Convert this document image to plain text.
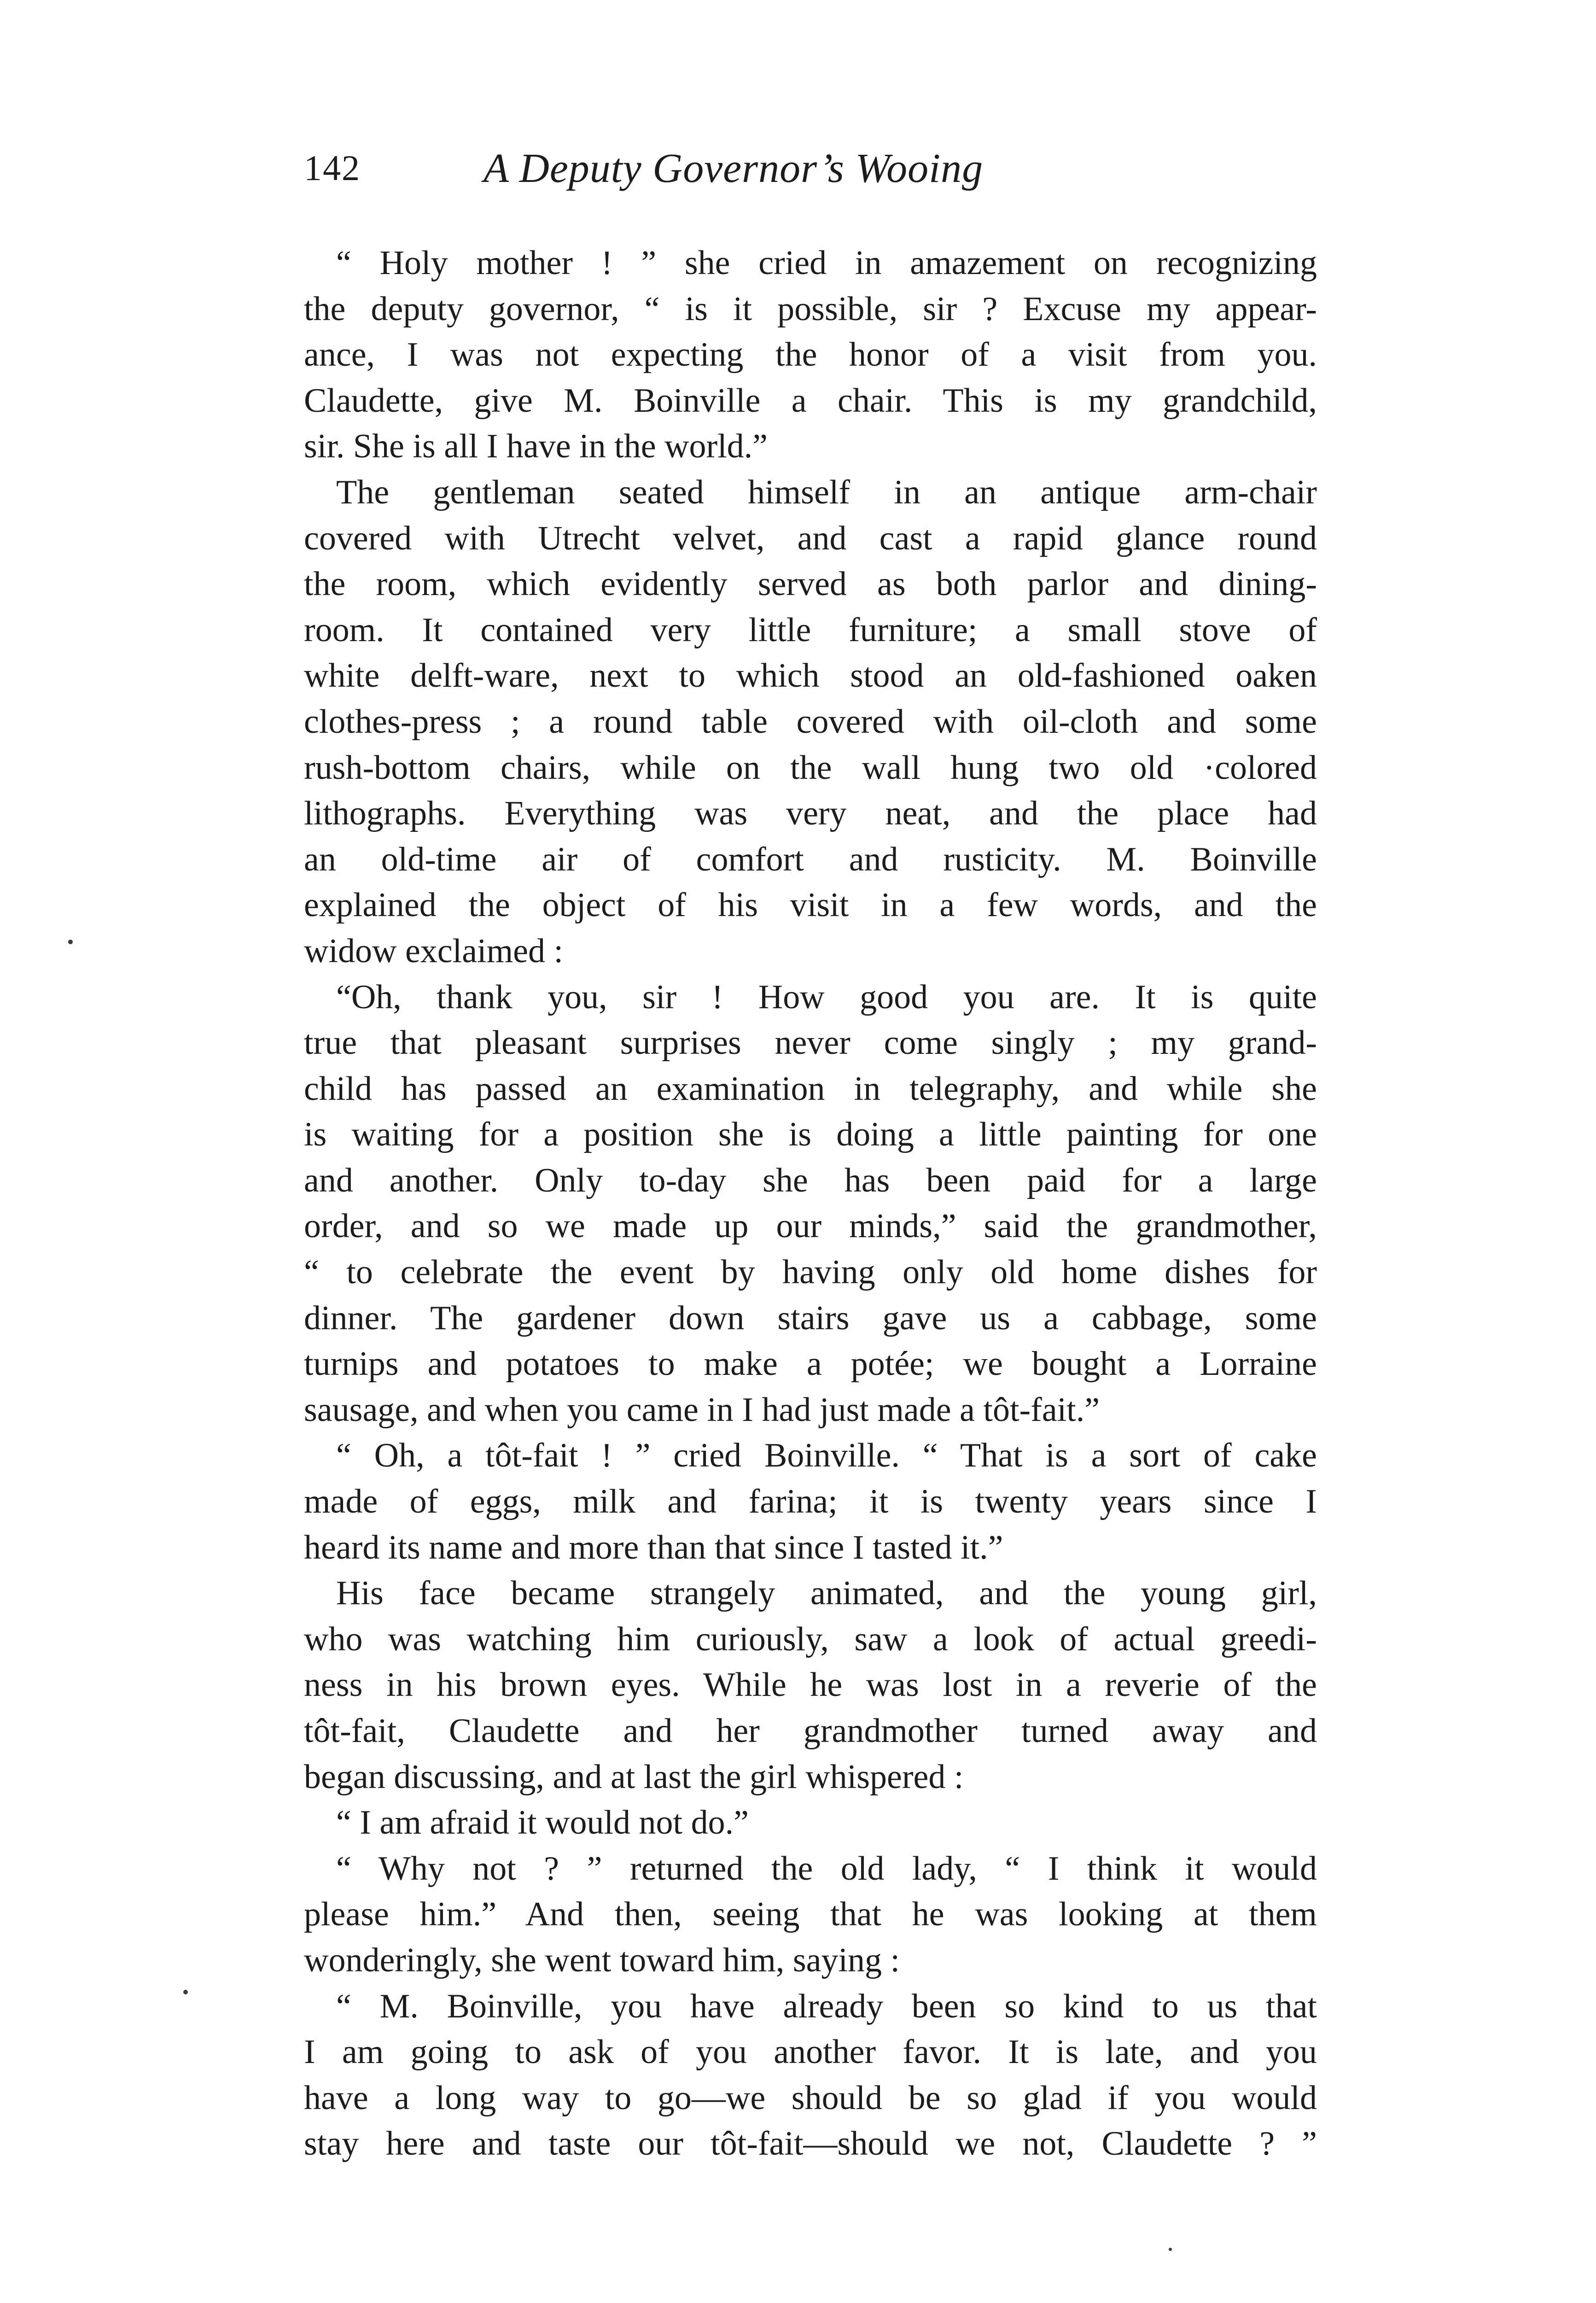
142	A Deputy Governor’s Wooing
“ Holy mother ! ” she cried in amazement on recognizing
the deputy governor, “ is it possible, sir ? Excuse my appear-
ance, I was not expecting the honor of a visit from you.
Claudette, give M. Boinville a chair. This is my grandchild,
sir. She is all I have in the world.”
The gentleman seated himself in an antique arm-chair
covered with Utrecht velvet, and cast a rapid glance round
the room, which evidently served as both parlor and dining-
room. It contained very little furniture; a small stove of
white delft-ware, next to which stood an old-fashioned oaken
clothes-press ; a round table covered with oil-cloth and some
rush-bottom chairs, while on the wall hung two old ·colored
lithographs. Everything was very neat, and the place had
an old-time air of comfort and rusticity. M. Boinville
explained the object of his visit in a few words, and the
widow exclaimed :
“Oh, thank you, sir ! How good you are. It is quite
true that pleasant surprises never come singly ; my grand-
child has passed an examination in telegraphy, and while she
is waiting for a position she is doing a little painting for one
and another. Only to-day she has been paid for a large
order, and so we made up our minds,” said the grandmother,
“ to celebrate the event by having only old home dishes for
dinner. The gardener down stairs gave us a cabbage, some
turnips and potatoes to make a potée; we bought a Lorraine
sausage, and when you came in I had just made a tôt-fait.”
“ Oh, a tôt-fait ! ” cried Boinville. “ That is a sort of cake
made of eggs, milk and farina; it is twenty years since I
heard its name and more than that since I tasted it.”
His face became strangely animated, and the young girl,
who was watching him curiously, saw a look of actual greedi-
ness in his brown eyes. While he was lost in a reverie of the
tôt-fait, Claudette and her grandmother turned away and
began discussing, and at last the girl whispered :
“ I am afraid it would not do.”
“ Why not ? ” returned the old lady, “ I think it would
please him.” And then, seeing that he was looking at them
wonderingly, she went toward him, saying :
“ M. Boinville, you have already been so kind to us that
I am going to ask of you another favor. It is late, and you
have a long way to go—we should be so glad if you would
stay here and taste our tôt-fait—should we not, Claudette ? ”
